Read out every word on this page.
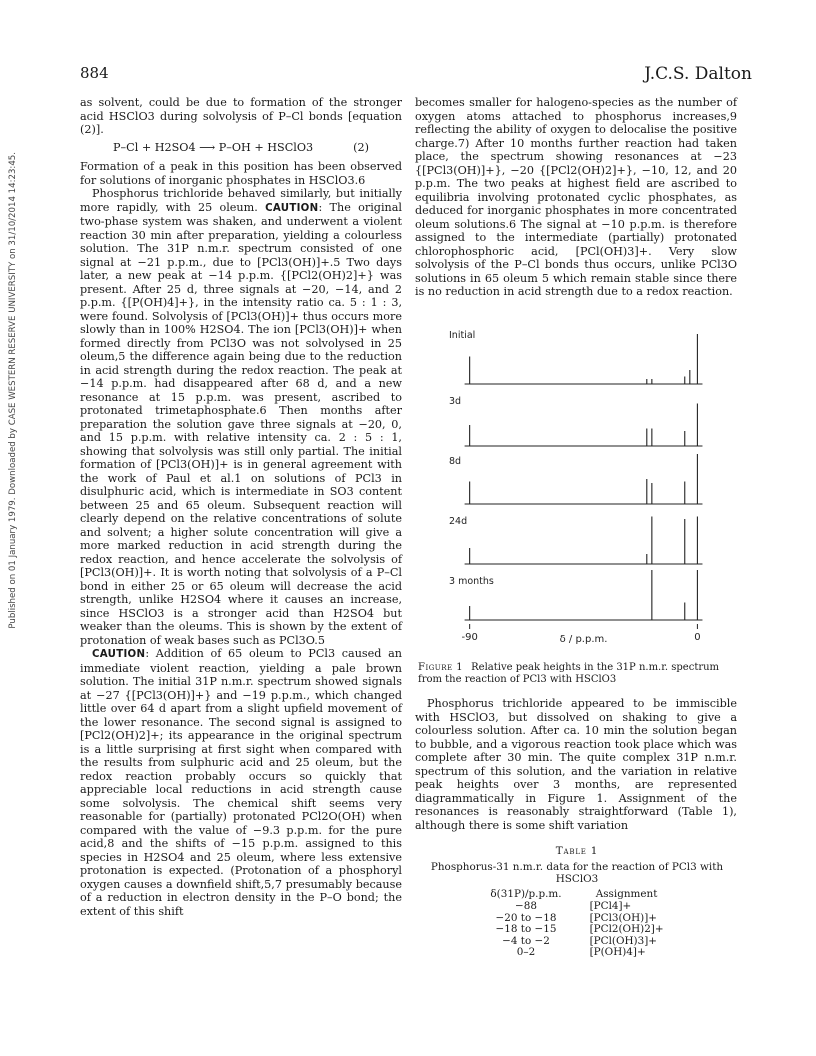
Published on 01 January 1979. Downloaded by CASE WESTERN RESERVE UNIVERSITY on 31/10/2014 14:23:45.
884	J.C.S. Dalton

as solvent, could be due to formation of the stronger acid HSClO3 during solvolysis of P–Cl bonds [equation (2)].

P–Cl + H2SO4 ⟶ P–OH + HSClO3	(2)

Formation of a peak in this position has been observed for solutions of inorganic phosphates in HSClO3.6

Phosphorus trichloride behaved similarly, but initially more rapidly, with 25 oleum. CAUTION: The original two-phase system was shaken, and underwent a violent reaction 30 min after preparation, yielding a colourless solution. The 31P n.m.r. spectrum consisted of one signal at −21 p.p.m., due to [PCl3(OH)]+.5 Two days later, a new peak at −14 p.p.m. {[PCl2(OH)2]+} was present. After 25 d, three signals at −20, −14, and 2 p.p.m. {[P(OH)4]+}, in the intensity ratio ca. 5 : 1 : 3, were found. Solvolysis of [PCl3(OH)]+ thus occurs more slowly than in 100% H2SO4. The ion [PCl3(OH)]+ when formed directly from PCl3O was not solvolysed in 25 oleum,5 the difference again being due to the reduction in acid strength during the redox reaction. The peak at −14 p.p.m. had disappeared after 68 d, and a new resonance at 15 p.p.m. was present, ascribed to protonated trimetaphosphate.6 Then months after preparation the solution gave three signals at −20, 0, and 15 p.p.m. with relative intensity ca. 2 : 5 : 1, showing that solvolysis was still only partial. The initial formation of [PCl3(OH)]+ is in general agreement with the work of Paul et al.1 on solutions of PCl3 in disulphuric acid, which is intermediate in SO3 content between 25 and 65 oleum. Subsequent reaction will clearly depend on the relative concentrations of solute and solvent; a higher solute concentration will give a more marked reduction in acid strength during the redox reaction, and hence accelerate the solvolysis of [PCl3(OH)]+. It is worth noting that solvolysis of a P–Cl bond in either 25 or 65 oleum will decrease the acid strength, unlike H2SO4 where it causes an increase, since HSClO3 is a stronger acid than H2SO4 but weaker than the oleums. This is shown by the extent of protonation of weak bases such as PCl3O.5

CAUTION: Addition of 65 oleum to PCl3 caused an immediate violent reaction, yielding a pale brown solution. The initial 31P n.m.r. spectrum showed signals at −27 {[PCl3(OH)]+} and −19 p.p.m., which changed little over 64 d apart from a slight upfield movement of the lower resonance. The second signal is assigned to [PCl2(OH)2]+; its appearance in the original spectrum is a little surprising at first sight when compared with the results from sulphuric acid and 25 oleum, but the redox reaction probably occurs so quickly that appreciable local reductions in acid strength cause some solvolysis. The chemical shift seems very reasonable for (partially) protonated PCl2O(OH) when compared with the value of −9.3 p.p.m. for the pure acid,8 and the shifts of −15 p.p.m. assigned to this species in H2SO4 and 25 oleum, where less extensive protonation is expected. (Protonation of a phosphoryl oxygen causes a downfield shift,5,7 presumably because of a reduction in electron density in the P–O bond; the extent of this shift

becomes smaller for halogeno-species as the number of oxygen atoms attached to phosphorus increases,9 reflecting the ability of oxygen to delocalise the positive charge.7) After 10 months further reaction had taken place, the spectrum showing resonances at −23 {[PCl3(OH)]+}, −20 {[PCl2(OH)2]+}, −10, 12, and 20 p.p.m. The two peaks at highest field are ascribed to equilibria involving protonated cyclic phosphates, as deduced for inorganic phosphates in more concentrated oleum solutions.6 The signal at −10 p.p.m. is therefore assigned to the intermediate (partially) protonated chlorophosphoric acid, [PCl(OH)3]+. Very slow solvolysis of the P–Cl bonds thus occurs, unlike PCl3O solutions in 65 oleum 5 which remain stable since there is no reduction in acid strength due to a redox reaction.

Initial
3d
8d
24d
3 months
-90	0
δ / p.p.m.
Figure 1 Relative peak heights in the 31P n.m.r. spectrum from the reaction of PCl3 with HSClO3

Phosphorus trichloride appeared to be immiscible with HSClO3, but dissolved on shaking to give a colourless solution. After ca. 10 min the solution began to bubble, and a vigorous reaction took place which was complete after 30 min. The quite complex 31P n.m.r. spectrum of this solution, and the variation in relative peak heights over 3 months, are represented diagrammatically in Figure 1. Assignment of the resonances is reasonably straightforward (Table 1), although there is some shift variation

Table 1
Phosphorus-31 n.m.r. data for the reaction of PCl3 with HSClO3
δ(31P)/p.p.m.	Assignment
−88	[PCl4]+
−20 to −18	[PCl3(OH)]+
−18 to −15	[PCl2(OH)2]+
−4 to −2	[PCl(OH)3]+
0–2	[P(OH)4]+
